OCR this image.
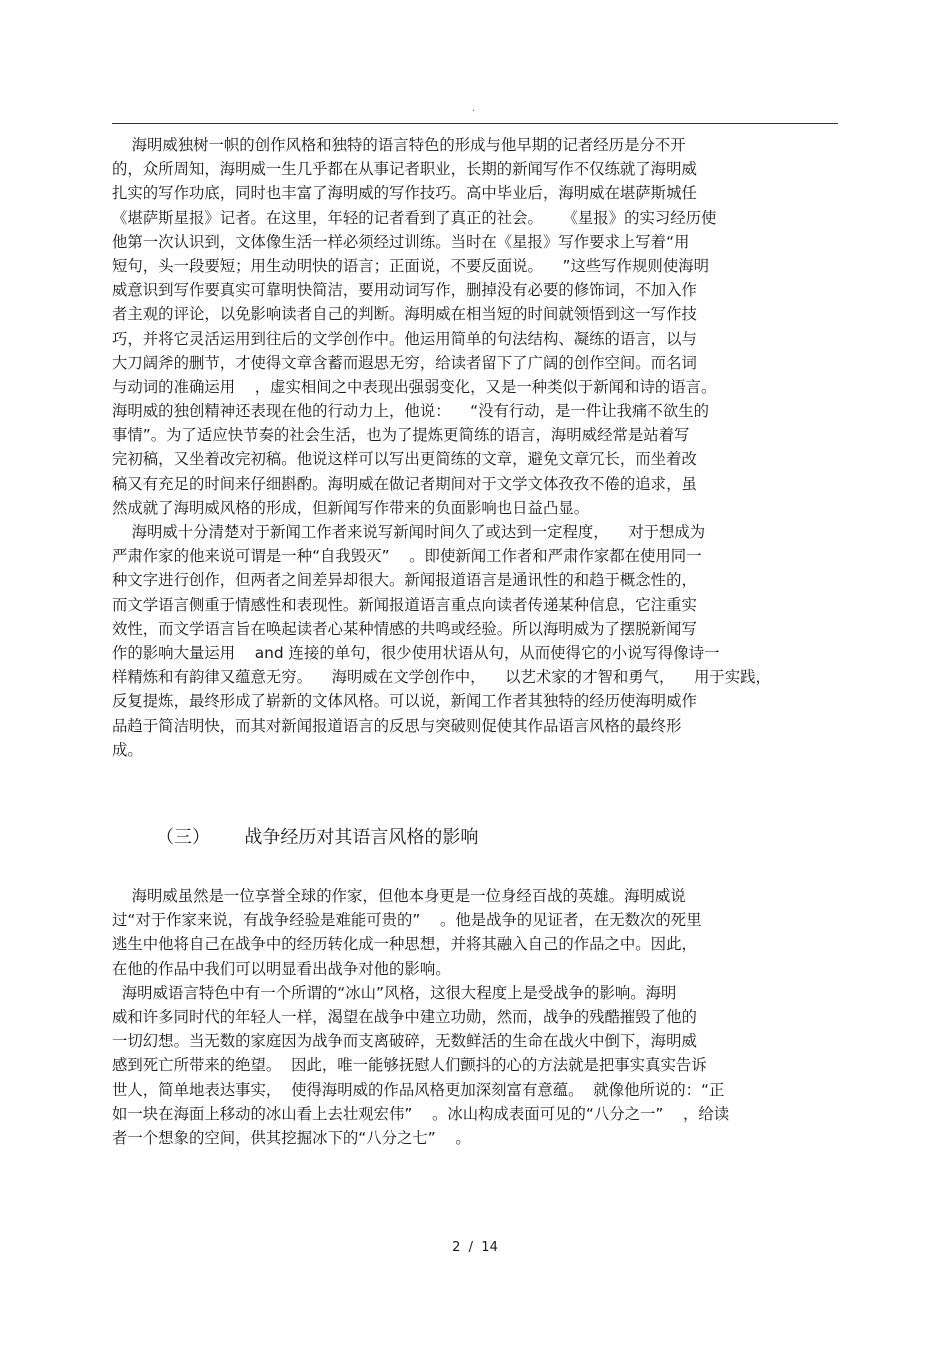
·
海明威独树一帜的创作风格和独特的语言特色的形成与他早期的记者经历是分不开
的，众所周知，海明威一生几乎都在从事记者职业，长期的新闻写作不仅练就了海明威
扎实的写作功底，同时也丰富了海明威的写作技巧。高中毕业后，海明威在堪萨斯城任
《堪萨斯星报》记者。在这里，年轻的记者看到了真正的社会。    《星报》的实习经历使
他第一次认识到，文体像生活一样必须经过训练。当时在《星报》写作要求上写着“用
短句，头一段要短；用生动明快的语言；正面说，不要反面说。    ”这些写作规则使海明
威意识到写作要真实可靠明快简洁，要用动词写作，删掉没有必要的修饰词，不加入作
者主观的评论，以免影响读者自己的判断。海明威在相当短的时间就领悟到这一写作技
巧，并将它灵活运用到往后的文学创作中。他运用简单的句法结构、凝练的语言，以与
大刀阔斧的删节，才使得文章含蓄而遐思无穷，给读者留下了广阔的创作空间。而名词
与动词的准确运用    ，虚实相间之中表现出强弱变化，又是一种类似于新闻和诗的语言。
海明威的独创精神还表现在他的行动力上，他说：    “没有行动，是一件让我痛不欲生的
事情”。为了适应快节奏的社会生活，也为了提炼更简练的语言，海明威经常是站着写
完初稿，又坐着改完初稿。他说这样可以写出更简练的文章，避免文章冗长，而坐着改
稿又有充足的时间来仔细斟酌。海明威在做记者期间对于文学文体孜孜不倦的追求，虽
然成就了海明威风格的形成，但新闻写作带来的负面影响也日益凸显。
海明威十分清楚对于新闻工作者来说写新闻时间久了或达到一定程度，    对于想成为
严肃作家的他来说可谓是一种“自我毁灭”    。即使新闻工作者和严肃作家都在使用同一
种文字进行创作，但两者之间差异却很大。新闻报道语言是通讯性的和趋于概念性的，
而文学语言侧重于情感性和表现性。新闻报道语言重点向读者传递某种信息，它注重实
效性，而文学语言旨在唤起读者心某种情感的共鸣或经验。所以海明威为了摆脱新闻写
作的影响大量运用    and 连接的单句，很少使用状语从句，从而使得它的小说写得像诗一
样精炼和有韵律又蕴意无穷。    海明威在文学创作中，    以艺术家的才智和勇气，    用于实践，
反复提炼，最终形成了崭新的文体风格。可以说，新闻工作者其独特的经历使海明威作
品趋于简洁明快，而其对新闻报道语言的反思与突破则促使其作品语言风格的最终形
成。
（三）      战争经历对其语言风格的影响
海明威虽然是一位享誉全球的作家，但他本身更是一位身经百战的英雄。海明威说
过“对于作家来说，有战争经验是难能可贵的”    。他是战争的见证者，在无数次的死里
逃生中他将自己在战争中的经历转化成一种思想，并将其融入自己的作品之中。因此，
在他的作品中我们可以明显看出战争对他的影响。
海明威语言特色中有一个所谓的“冰山”风格，这很大程度上是受战争的影响。海明
威和许多同时代的年轻人一样，渴望在战争中建立功勋，然而，战争的残酷摧毁了他的
一切幻想。当无数的家庭因为战争而支离破碎，无数鲜活的生命在战火中倒下，海明威
感到死亡所带来的绝望。  因此，唯一能够抚慰人们颤抖的心的方法就是把事实真实告诉
世人，简单地表达事实，  使得海明威的作品风格更加深刻富有意蕴。  就像他所说的：“正
如一块在海面上移动的冰山看上去壮观宏伟”    。冰山构成表面可见的“八分之一”    ，给读
者一个想象的空间，供其挖掘冰下的“八分之七”    。
2  /  14
